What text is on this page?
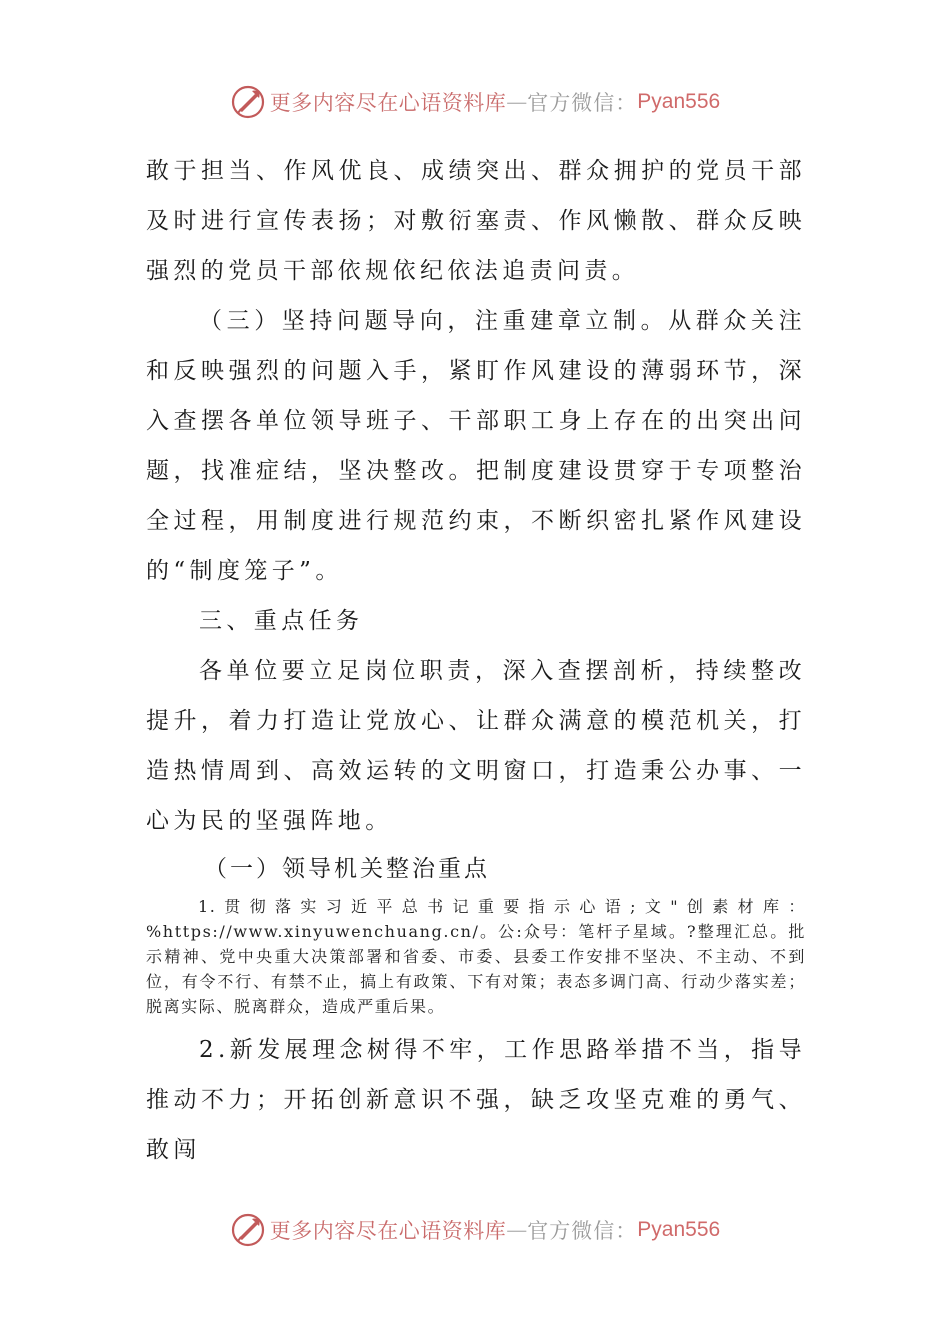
更多内容尽在心语资料库 — 官方微信： Pyan556

敢于担当、作风优良、成绩突出、群众拥护的党员干部及时进行宣传表扬；对敷衍塞责、作风懒散、群众反映强烈的党员干部依规依纪依法追责问责。

（三）坚持问题导向，注重建章立制。从群众关注和反映强烈的问题入手，紧盯作风建设的薄弱环节，深入查摆各单位领导班子、干部职工身上存在的出突出问题，找准症结，坚决整改。把制度建设贯穿于专项整治全过程，用制度进行规范约束，不断织密扎紧作风建设的“制度笼子”。

三、重点任务

各单位要立足岗位职责，深入查摆剖析，持续整改提升，着力打造让党放心、让群众满意的模范机关，打造热情周到、高效运转的文明窗口，打造秉公办事、一心为民的坚强阵地。

（一）领导机关整治重点

1.贯彻落实习近平总书记重要指示心语;文"创素材库：%https://www.xinyuwenchuang.cn/。公:众号：笔杆子星域。?整理汇总。批示精神、党中央重大决策部署和省委、市委、县委工作安排不坚决、不主动、不到位，有令不行、有禁不止，搞上有政策、下有对策；表态多调门高、行动少落实差；脱离实际、脱离群众，造成严重后果。

2.新发展理念树得不牢，工作思路举措不当，指导推动不力；开拓创新意识不强，缺乏攻坚克难的勇气、敢闯

更多内容尽在心语资料库 — 官方微信： Pyan556
